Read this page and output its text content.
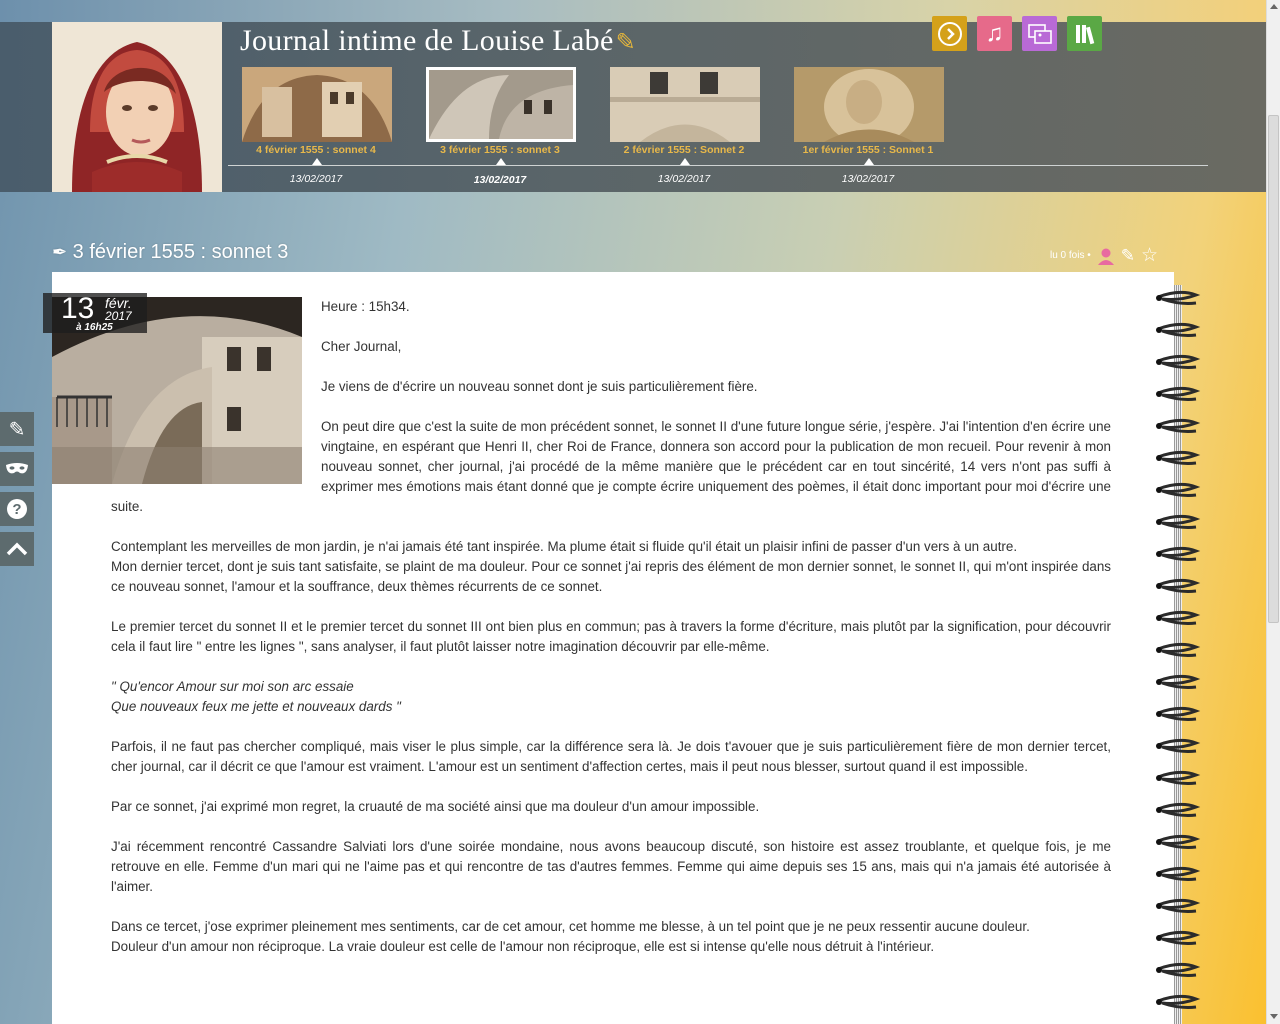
Journal intime de Louise Labé✎	♫
4 février 1555 : sonnet 4	3 février 1555 : sonnet 3	2 février 1555 : Sonnet 2	1er février 1555 : Sonnet 1
13/02/2017	13/02/2017	13/02/2017	13/02/2017
✒ 3 février 1555 : sonnet 3	lu 0 fois • ✎ ☆
✎
?
13 févr.
2017
à 16h25

Heure : 15h34.

Cher Journal,

Je viens de d'écrire un nouveau sonnet dont je suis particulièrement fière.

On peut dire que c'est la suite de mon précédent sonnet, le sonnet II d'une future longue série, j'espère. J'ai l'intention d'en écrire une vingtaine, en espérant que Henri II, cher Roi de France, donnera son accord pour la publication de mon recueil. Pour revenir à mon nouveau sonnet, cher journal, j'ai procédé de la même manière que le précédent car en tout sincérité, 14 vers n'ont pas suffi à exprimer mes émotions mais étant donné que je compte écrire uniquement des poèmes, il était donc important pour moi d'écrire une suite.

Contemplant les merveilles de mon jardin, je n'ai jamais été tant inspirée. Ma plume était si fluide qu'il était un plaisir infini de passer d'un vers à un autre.

Mon dernier tercet, dont je suis tant satisfaite, se plaint de ma douleur. Pour ce sonnet j'ai repris des élément de mon dernier sonnet, le sonnet II, qui m'ont inspirée dans ce nouveau sonnet, l'amour et la souffrance, deux thèmes récurrents de ce sonnet.

Le premier tercet du sonnet II et le premier tercet du sonnet III ont bien plus en commun; pas à travers la forme d'écriture, mais plutôt par la signification, pour découvrir cela il faut lire " entre les lignes ", sans analyser, il faut plutôt laisser notre imagination découvrir par elle-même.

" Qu'encor Amour sur moi son arc essaie

Que nouveaux feux me jette et nouveaux dards "

Parfois, il ne faut pas chercher compliqué, mais viser le plus simple, car la différence sera là. Je dois t'avouer que je suis particulièrement fière de mon dernier tercet, cher journal, car il décrit ce que l'amour est vraiment. L'amour est un sentiment d'affection certes, mais il peut nous blesser, surtout quand il est impossible.

Par ce sonnet, j'ai exprimé mon regret, la cruauté de ma société ainsi que ma douleur d'un amour impossible.

J'ai récemment rencontré Cassandre Salviati lors d'une soirée mondaine, nous avons beaucoup discuté, son histoire est assez troublante, et quelque fois, je me retrouve en elle. Femme d'un mari qui ne l'aime pas et qui rencontre de tas d'autres femmes. Femme qui aime depuis ses 15 ans, mais qui n'a jamais été autorisée à l'aimer.

Dans ce tercet, j'ose exprimer pleinement mes sentiments, car de cet amour, cet homme me blesse, à un tel point que je ne peux ressentir aucune douleur.

Douleur d'un amour non réciproque. La vraie douleur est celle de l'amour non réciproque, elle est si intense qu'elle nous détruit à l'intérieur.
